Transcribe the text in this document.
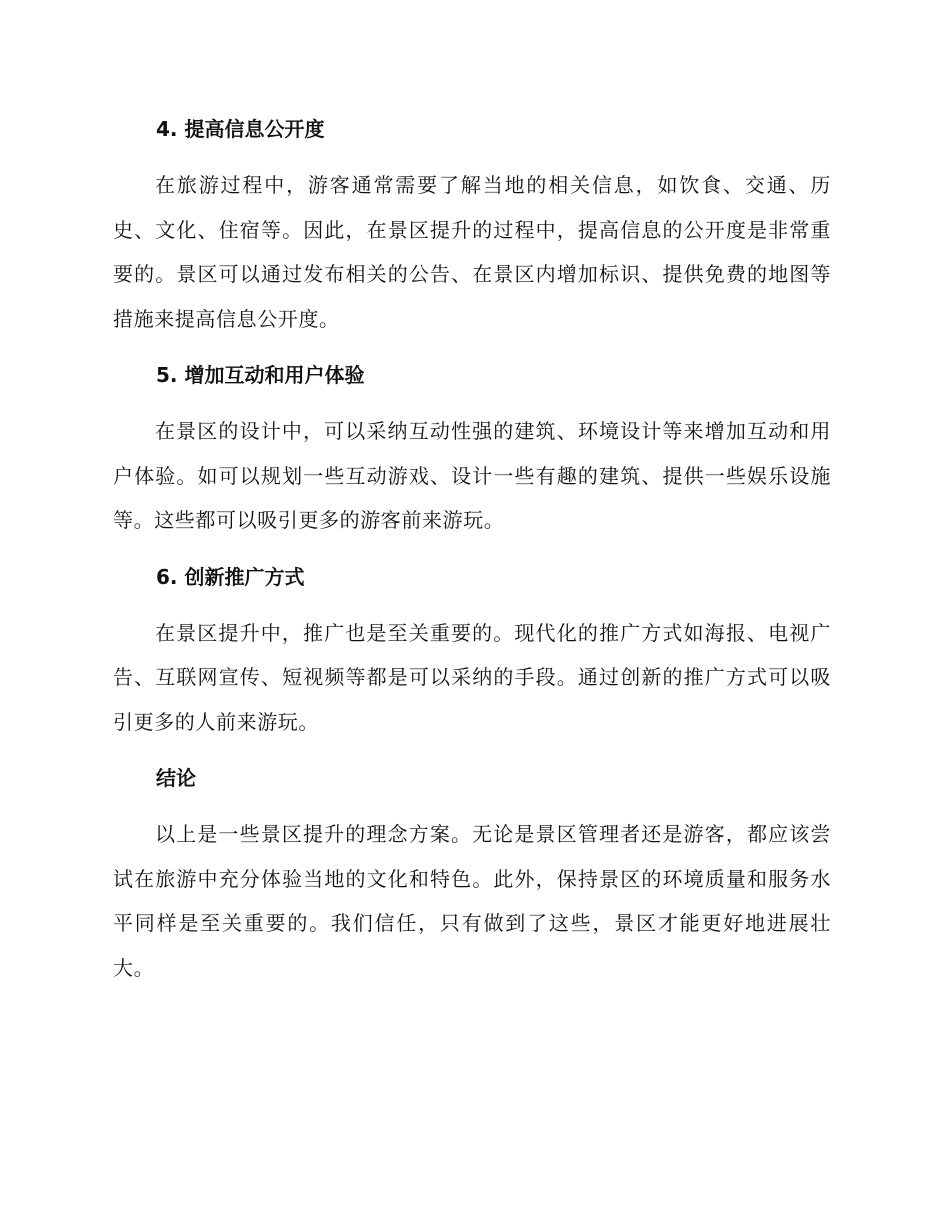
4. 提高信息公开度

在旅游过程中，游客通常需要了解当地的相关信息，如饮食、交通、历史、文化、住宿等。因此，在景区提升的过程中，提高信息的公开度是非常重要的。景区可以通过发布相关的公告、在景区内增加标识、提供免费的地图等措施来提高信息公开度。

5. 增加互动和用户体验

在景区的设计中，可以采纳互动性强的建筑、环境设计等来增加互动和用户体验。如可以规划一些互动游戏、设计一些有趣的建筑、提供一些娱乐设施等。这些都可以吸引更多的游客前来游玩。

6. 创新推广方式

在景区提升中，推广也是至关重要的。现代化的推广方式如海报、电视广告、互联网宣传、短视频等都是可以采纳的手段。通过创新的推广方式可以吸引更多的人前来游玩。

结论

以上是一些景区提升的理念方案。无论是景区管理者还是游客，都应该尝试在旅游中充分体验当地的文化和特色。此外，保持景区的环境质量和服务水平同样是至关重要的。我们信任，只有做到了这些，景区才能更好地进展壮大。
